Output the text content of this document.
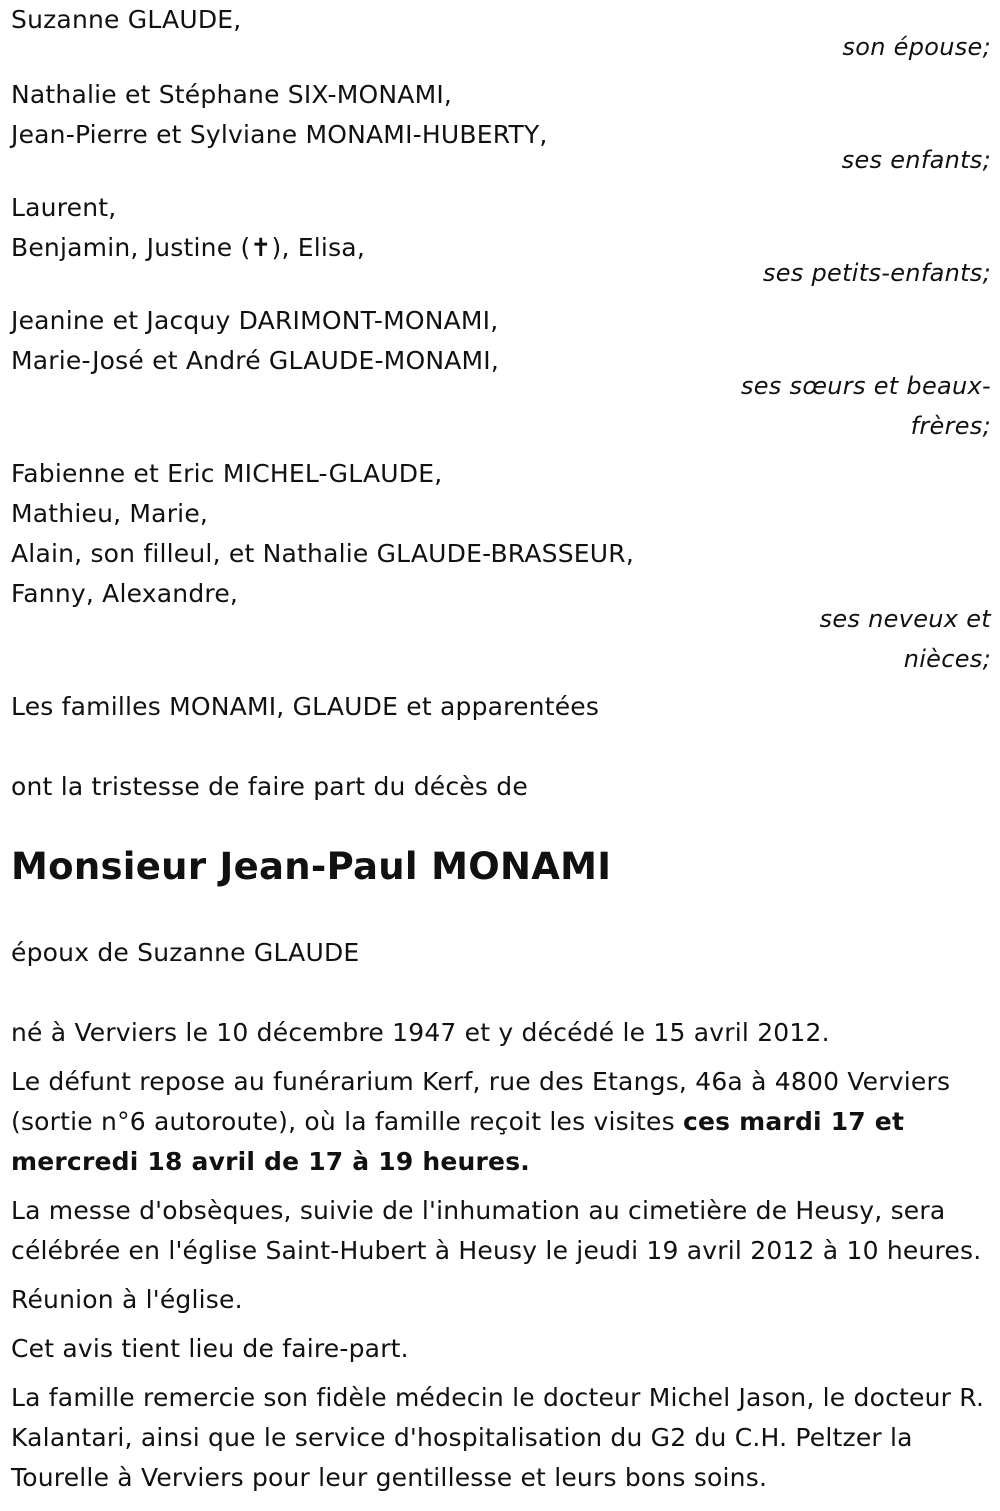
Suzanne GLAUDE,
son épouse;
Nathalie et Stéphane SIX-MONAMI,
Jean-Pierre et Sylviane MONAMI-HUBERTY,
ses enfants;
Laurent,
Benjamin, Justine (✝), Elisa,
ses petits-enfants;
Jeanine et Jacquy DARIMONT-MONAMI,
Marie-José et André GLAUDE-MONAMI,
ses sœurs et beaux-
frères;
Fabienne et Eric MICHEL-GLAUDE,
Mathieu, Marie,
Alain, son filleul, et Nathalie GLAUDE-BRASSEUR,
Fanny, Alexandre,
ses neveux et
nièces;
Les familles MONAMI, GLAUDE et apparentées
ont la tristesse de faire part du décès de
Monsieur Jean-Paul MONAMI
époux de Suzanne GLAUDE
né à Verviers le 10 décembre 1947 et y décédé le 15 avril 2012.
Le défunt repose au funérarium Kerf, rue des Etangs, 46a à 4800 Verviers (sortie n°6 autoroute), où la famille reçoit les visites ces mardi 17 et mercredi 18 avril de 17 à 19 heures.
La messe d'obsèques, suivie de l'inhumation au cimetière de Heusy, sera célébrée en l'église Saint-Hubert à Heusy le jeudi 19 avril 2012 à 10 heures.
Réunion à l'église.
Cet avis tient lieu de faire-part.
La famille remercie son fidèle médecin le docteur Michel Jason, le docteur R. Kalantari, ainsi que le service d'hospitalisation du G2 du C.H. Peltzer la Tourelle à Verviers pour leur gentillesse et leurs bons soins.
